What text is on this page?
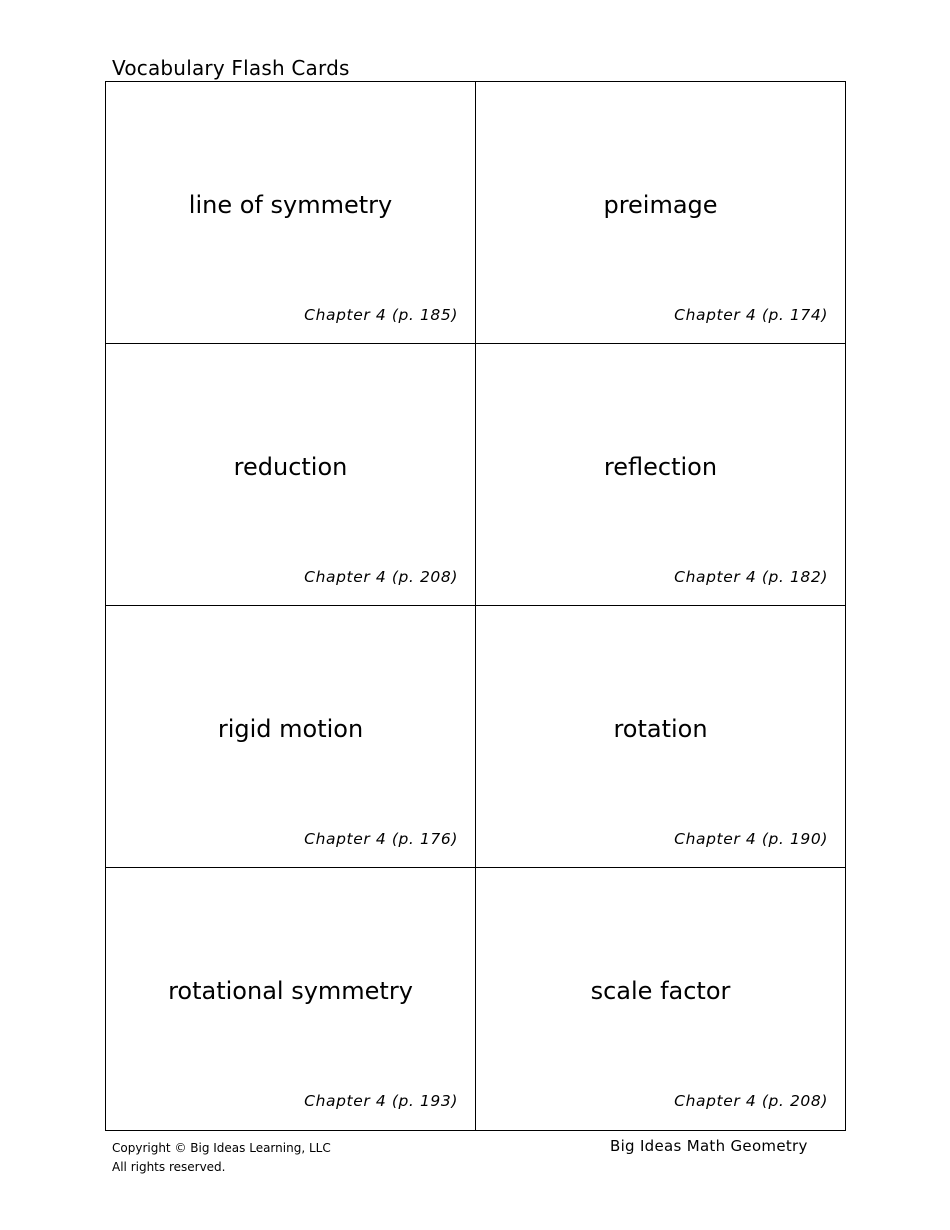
Vocabulary Flash Cards
line of symmetry
Chapter 4 (p. 185)
preimage
Chapter 4 (p. 174)
reduction
Chapter 4 (p. 208)
reflection
Chapter 4 (p. 182)
rigid motion
Chapter 4 (p. 176)
rotation
Chapter 4 (p. 190)
rotational symmetry
Chapter 4 (p. 193)
scale factor
Chapter 4 (p. 208)
Copyright © Big Ideas Learning, LLC
All rights reserved.
Big Ideas Math Geometry
